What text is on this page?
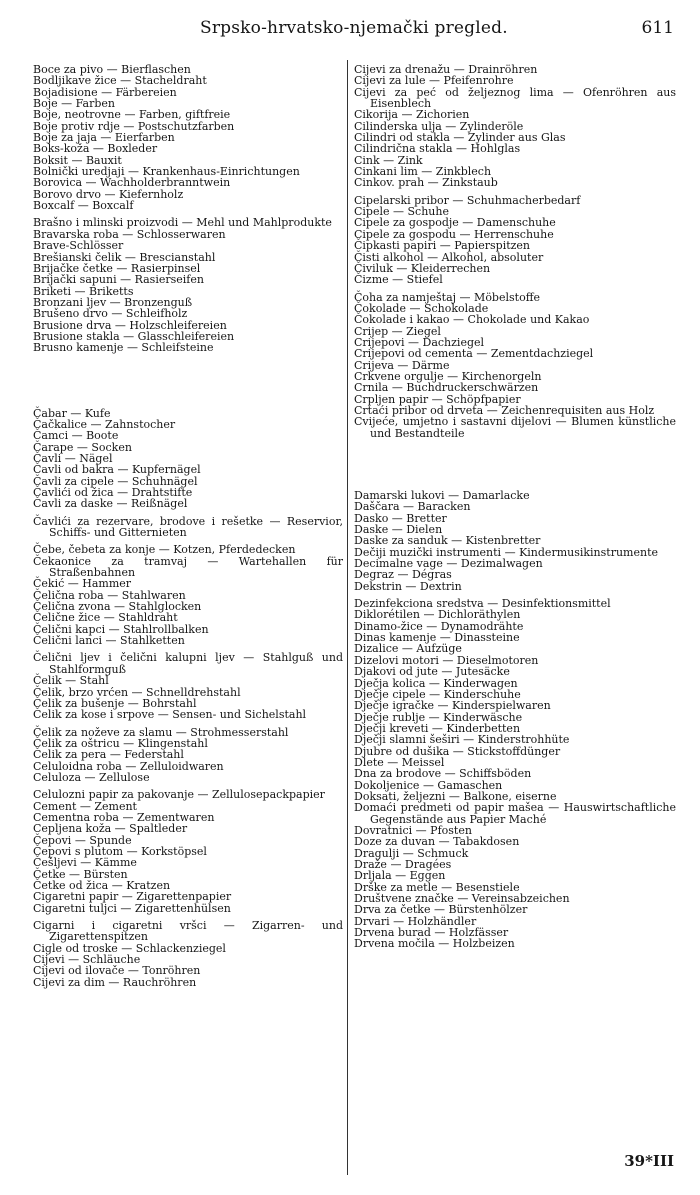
Srpsko-hrvatsko-njemački pregled.	611
Boce za pivo — Bierflaschen
Bodljikave žice — Stacheldraht
Bojadisione — Färbereien
Boje — Farben
Boje, neotrovne — Farben, giftfreie
Boje protiv rdje — Postschutzfarben
Boje za jaja — Eierfarben
Boks-koža — Boxleder
Boksit — Bauxit
Bolnički uredjaji — Krankenhaus-Einrichtungen
Borovica — Wachholderbranntwein
Borovo drvo — Kiefernholz
Boxcalf — Boxcalf
Brašno i mlinski proizvodi — Mehl und Mahlprodukte
Bravarska roba — Schlosserwaren
Brave-Schlösser
Brešianski čelik — Brescianstahl
Brijačke četke — Rasierpinsel
Brijački sapuni — Rasierseifen
Briketi — Briketts
Bronzani ljev — Bronzenguß
Brušeno drvo — Schleifholz
Brusione drva — Holzschleifereien
Brusione stakla — Glasschleifereien
Brusno kamenje — Schleifsteine
Čabar — Kufe
Čačkalice — Zahnstocher
Čamci — Boote
Čarape — Socken
Čavli — Nägel
Čavli od bakra — Kupfernägel
Čavli za cipele — Schuhnägel
Čavlići od žica — Drahtstifte
Čavli za daske — Reißnägel
Čavlići za rezervare, brodove i rešetke — Reservior, Schiffs- und Gitternieten
Čebe, čebeta za konje — Kotzen, Pferdedecken
Čekaonice za tramvaj — Wartehallen für Straßenbahnen
Čekić — Hammer
Čelična roba — Stahlwaren
Čelična zvona — Stahlglocken
Čelične žice — Stahldraht
Čelični kapci — Stahlrollbalken
Čelični lanci — Stahlketten
Čelični ljev i čelični kalupni ljev — Stahlguß und Stahlformguß
Čelik — Stahl
Čelik, brzo vrćen — Schnelldrehstahl
Čelik za bušenje — Bohrstahl
Čelik za kose i srpove — Sensen- und Sichelstahl
Čelik za noževe za slamu — Strohmesserstahl
Čelik za oštricu — Klingenstahl
Čelik za pera — Federstahl
Celuloidna roba — Zelluloidwaren
Celuloza — Zellulose
Celulozni papir za pakovanje — Zellulosepackpapier
Cement — Zement
Cementna roba — Zementwaren
Cepljena koža — Spaltleder
Čepovi — Spunde
Čepovi s plutom — Korkstöpsel
Češljevi — Kämme
Četke — Bürsten
Četke od žica — Kratzen
Cigaretni papir — Zigarettenpapier
Cigaretni tuljci — Zigarettenhülsen
Cigarni i cigaretni vršci — Zigarren- und Zigarettenspitzen
Cigle od troske — Schlackenziegel
Cijevi — Schläuche
Cijevi od ilovače — Tonröhren
Cijevi za dim — Rauchröhren
Cijevi za drenažu — Drainröhren
Cijevi za lule — Pfeifenrohre
Cijevi za peć od željeznog lima — Ofenröhren aus Eisenblech
Cikorija — Zichorien
Cilinderska ulja — Zylinderöle
Cilindri od stakla — Zylinder aus Glas
Cilindrična stakla — Hohlglas
Cink — Zink
Cinkani lim — Zinkblech
Cinkov. prah — Zinkstaub
Cipelarski pribor — Schuhmacherbedarf
Cipele — Schuhe
Cipele za gospodje — Damenschuhe
Cipele za gospodu — Herrenschuhe
Čipkasti papiri — Papierspitzen
Čisti alkohol — Alkohol, absoluter
Čiviluk — Kleiderrechen
Čizme — Stiefel
Čoha za namještaj — Möbelstoffe
Čokolade — Schokolade
Čokolade i kakao — Chokolade und Kakao
Crijep — Ziegel
Crijepovi — Dachziegel
Crijepovi od cementa — Zementdachziegel
Crijeva — Därme
Crkvene orgulje — Kirchenorgeln
Crnila — Buchdruckerschwärzen
Crpljen papir — Schöpfpapier
Crtaći pribor od drveta — Zeichenrequisiten aus Holz
Cvijeće, umjetno i sastavni dijelovi — Blumen künstliche und Bestandteile
Damarski lukovi — Damarlacke
Daščara — Baracken
Dasko — Bretter
Daske — Dielen
Daske za sanduk — Kistenbretter
Dečiji muzički instrumenti — Kindermusikinstrumente
Decimalne vage — Dezimalwagen
Degraz — Dégras
Dekstrin — Dextrin
Dezinfekciona sredstva — Desinfektionsmittel
Diklorétilen — Dichloräthylen
Dinamo-žice — Dynamodrähte
Dinas kamenje — Dinassteine
Dizalice — Aufzüge
Dizelovi motori — Dieselmotoren
Djakovi od jute — Jutesäcke
Dječja kolica — Kinderwagen
Dječje cipele — Kinderschuhe
Dječje igračke — Kinderspielwaren
Dječje rublje — Kinderwäsche
Dječji kreveti — Kinderbetten
Dječji slamni šeširi — Kinderstrohhüte
Djubre od dušika — Stickstoffdünger
Dlete — Meissel
Dna za brodove — Schiffsböden
Dokoljenice — Gamaschen
Doksati, željezni — Balkone, eiserne
Domaći predmeti od papir mašea — Hauswirtschaftliche Gegenstände aus Papier Maché
Dovratnici — Pfosten
Doze za duvan — Tabakdosen
Dragulji — Schmuck
Draže — Dragées
Drljala — Eggen
Drške za metle — Besenstiele
Društvene značke — Vereinsabzeichen
Drva za četke — Bürstenhölzer
Drvari — Holzhändler
Drvena burad — Holzfässer
Drvena močila — Holzbeizen
39*III
